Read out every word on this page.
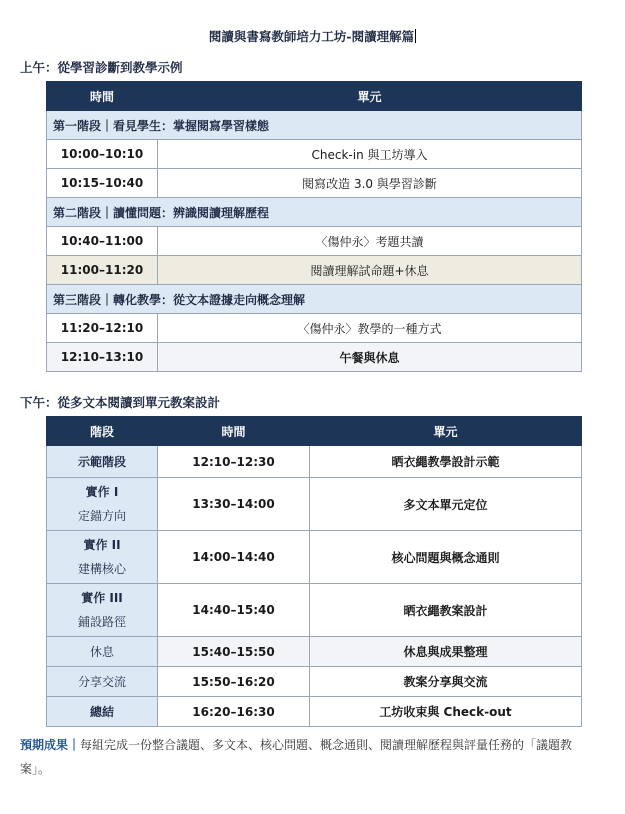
閱讀與書寫教師培力工坊-閱讀理解篇
上午：從學習診斷到教學示例
時間	單元
第一階段｜看見學生：掌握閱寫學習樣態	
10:00–10:10	Check-in 與工坊導入
10:15–10:40	閱寫改造 3.0 與學習診斷
第二階段｜讀懂問題：辨識閱讀理解歷程	
10:40–11:00	〈傷仲永〉考題共讀
11:00–11:20	閱讀理解試命題+休息
第三階段｜轉化教學：從文本證據走向概念理解	
11:20–12:10	〈傷仲永〉教學的一種方式
12:10–13:10	午餐與休息
下午：從多文本閱讀到單元教案設計
階段	時間	單元
示範階段	12:10–12:30	晒衣繩教學設計示範

實作 I
定錨方向	13:30–14:00	多文本單元定位

實作 II
建構核心	14:00–14:40	核心問題與概念通則

實作 III
鋪設路徑	14:40–15:40	晒衣繩教案設計
休息	15:40–15:50	休息與成果整理
分享交流	15:50–16:20	教案分享與交流
總結	16:20–16:30	工坊收束與 Check-out
預期成果｜每組完成一份整合議題、多文本、核心問題、概念通則、閱讀理解歷程與評量任務的「議題教案」。
